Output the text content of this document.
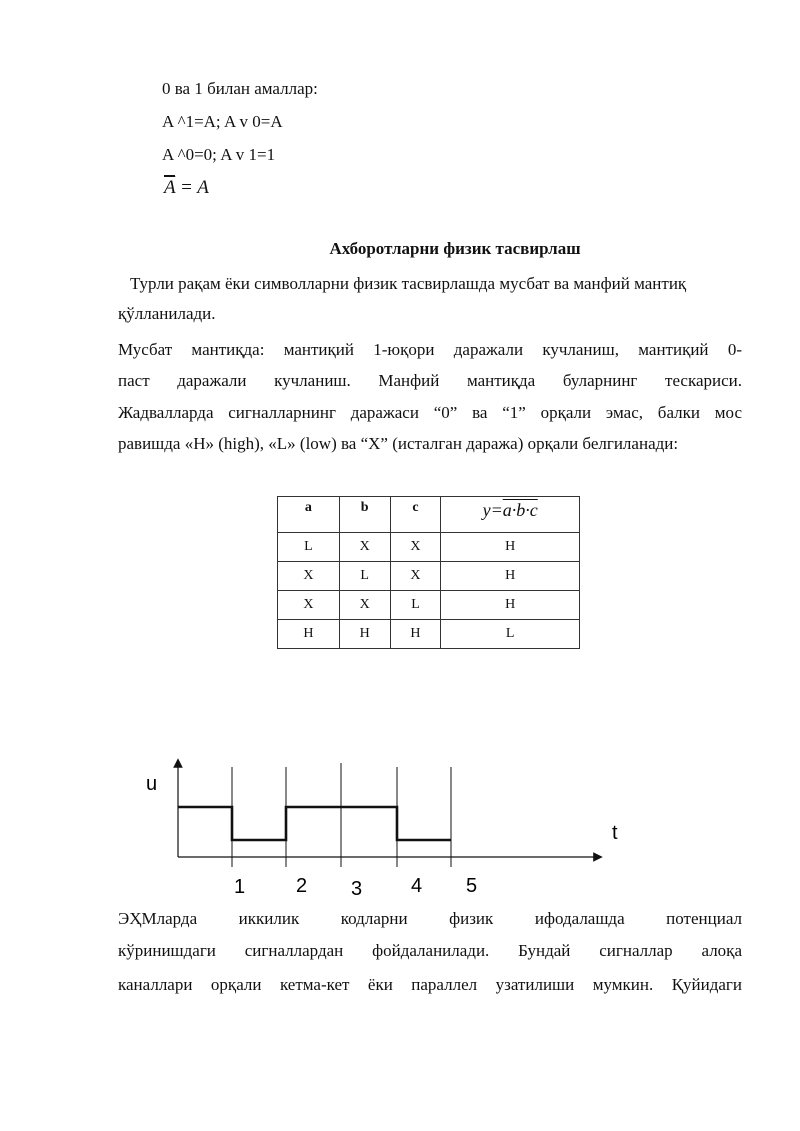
0 ва 1 билан амаллар:
A ^1=A; A v 0=A
A ^0=0; A v 1=1
$\overline{A} = A$
Ахборотларни физик тасвирлаш
Турли рақам ёки символларни физик тасвирлашда мусбат ва манфий мантиқ
қўлланилади.
Мусбат мантиқда: мантиқий 1-юқори даражали кучланиш, мантиқий 0-
паст даражали кучланиш. Манфий мантиқда буларнинг тескариси.
Жадвалларда сигналларнинг даражаси “0” ва “1” орқали эмас, балки мос
равишда «H» (high), «L» (low) ва “X” (исталган даража) орқали белгиланади:
a	b	c	y=a·b·c
L	X	X	H
X	L	X	H
X	X	L	H
H	H	H	L
u
t
1	2 3 4 5
ЭҲМларда иккилик кодларни физик ифодалашда потенциал
кўринишдаги сигналлардан фойдаланилади. Бундай сигналлар алоқа
каналлари орқали кетма-кет ёки параллел узатилиши мумкин. Қуйидаги
